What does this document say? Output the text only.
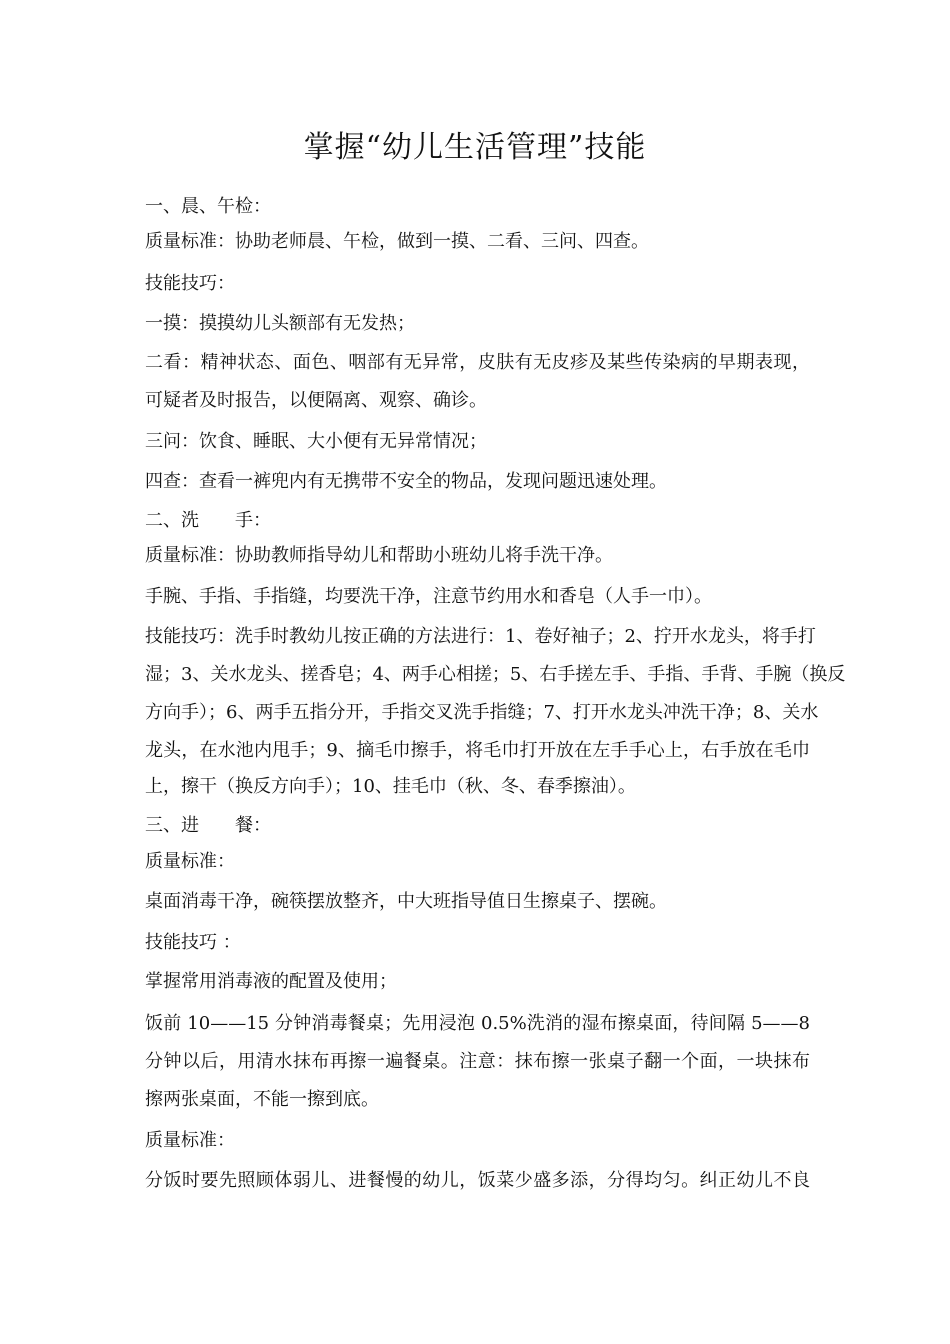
掌握“幼儿生活管理”技能
一、晨、午检：
质量标准：协助老师晨、午检，做到一摸、二看、三问、四查。
技能技巧：
一摸：摸摸幼儿头额部有无发热；
二看：精神状态、面色、咽部有无异常，皮肤有无皮疹及某些传染病的早期表现，
可疑者及时报告，以便隔离、观察、确诊。
三问：饮食、睡眠、大小便有无异常情况；
四查：查看一裤兜内有无携带不安全的物品，发现问题迅速处理。
二、洗　　手：
质量标准：协助教师指导幼儿和帮助小班幼儿将手洗干净。
手腕、手指、手指缝，均要洗干净，注意节约用水和香皂（人手一巾）。
技能技巧：洗手时教幼儿按正确的方法进行：1、卷好袖子；2、拧开水龙头，将手打
湿；3、关水龙头、搓香皂；4、两手心相搓；5、右手搓左手、手指、手背、手腕（换反
方向手）；6、两手五指分开，手指交叉洗手指缝；7、打开水龙头冲洗干净；8、关水
龙头，在水池内甩手；9、摘毛巾擦手，将毛巾打开放在左手手心上，右手放在毛巾
上，擦干（换反方向手）；10、挂毛巾（秋、冬、春季擦油）。
三、进　　餐：
质量标准：
桌面消毒干净，碗筷摆放整齐，中大班指导值日生擦桌子、摆碗。
技能技巧 ：
掌握常用消毒液的配置及使用；
饭前 10——15 分钟消毒餐桌；先用浸泡 0.5%洗消的湿布擦桌面，待间隔 5——8
分钟以后，用清水抹布再擦一遍餐桌。注意：抹布擦一张桌子翻一个面，一块抹布
擦两张桌面，不能一擦到底。
质量标准：
分饭时要先照顾体弱儿、进餐慢的幼儿，饭菜少盛多添，分得均匀。纠正幼儿不良
